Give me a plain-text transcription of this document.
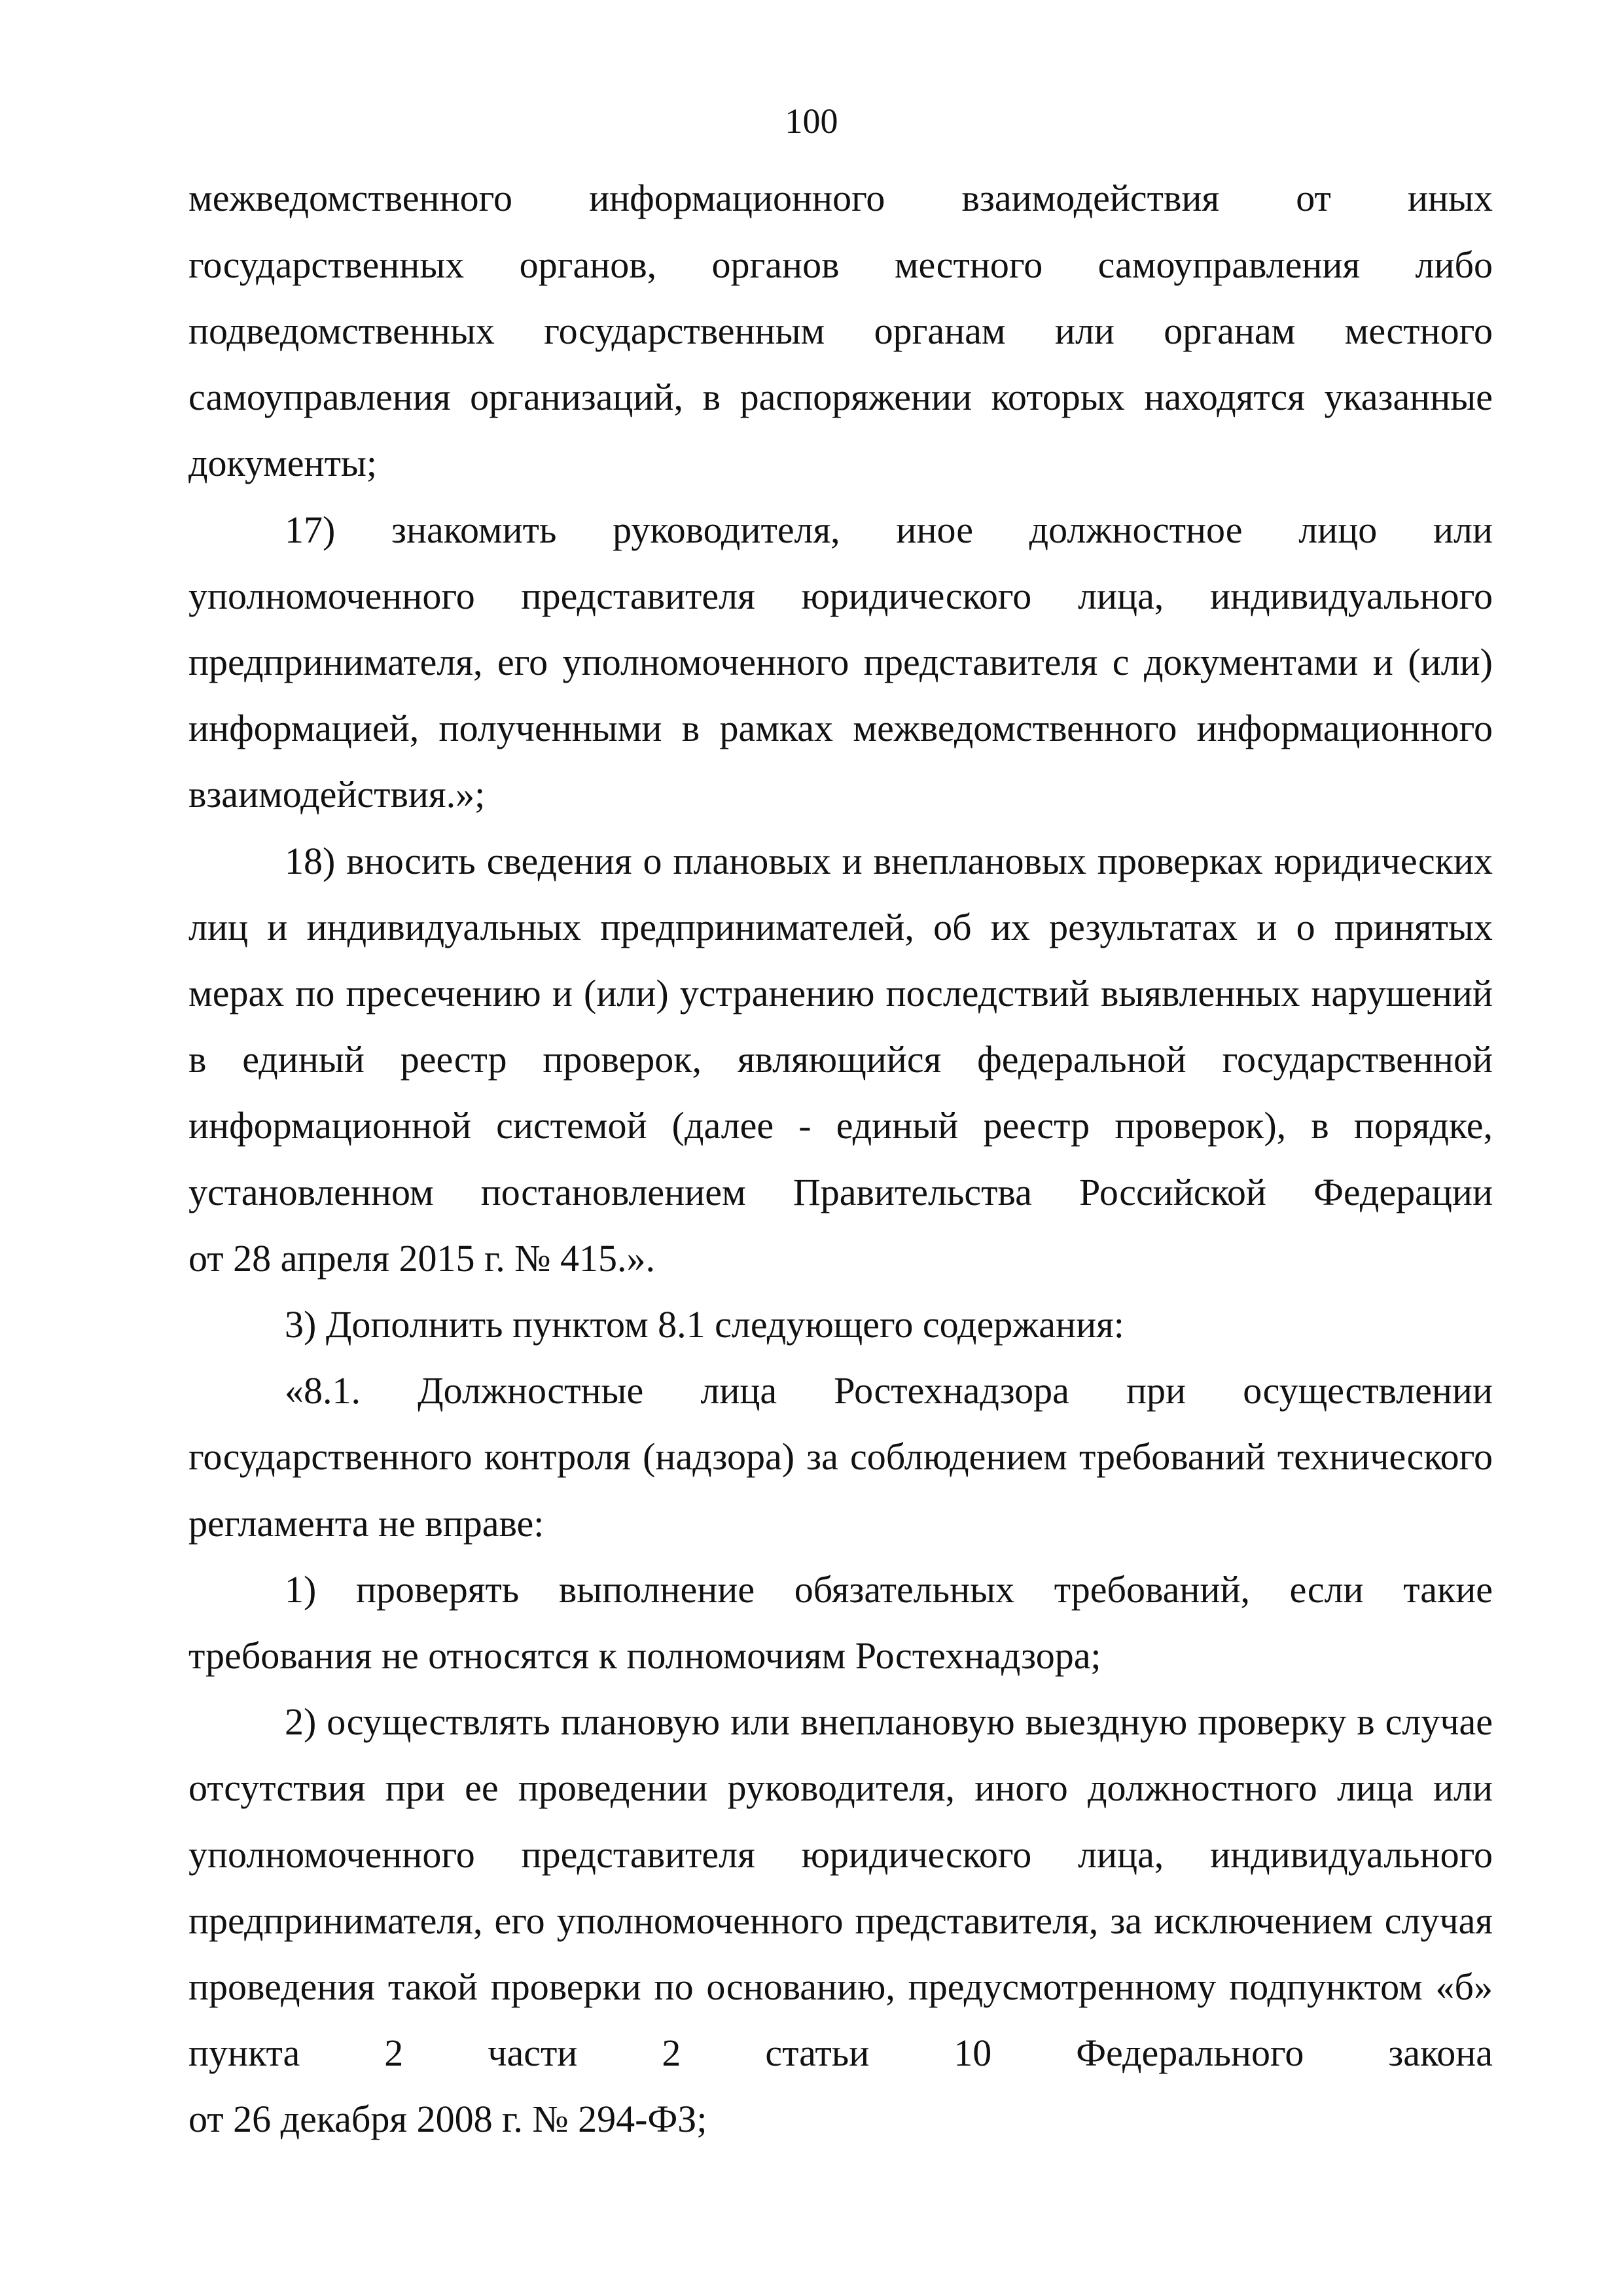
100
межведомственного информационного взаимодействия от иных
государственных органов, органов местного самоуправления либо
подведомственных государственным органам или органам местного
самоуправления организаций, в распоряжении которых находятся указанные
документы;
17) знакомить руководителя, иное должностное лицо или
уполномоченного представителя юридического лица, индивидуального
предпринимателя, его уполномоченного представителя с документами и (или)
информацией, полученными в рамках межведомственного информационного
взаимодействия.»;
18) вносить сведения о плановых и внеплановых проверках юридических
лиц и индивидуальных предпринимателей, об их результатах и о принятых
мерах по пресечению и (или) устранению последствий выявленных нарушений
в единый реестр проверок, являющийся федеральной государственной
информационной системой (далее - единый реестр проверок), в порядке,
установленном постановлением Правительства Российской Федерации
от 28 апреля 2015 г. № 415.».
3) Дополнить пунктом 8.1 следующего содержания:
«8.1. Должностные лица Ростехнадзора при осуществлении
государственного контроля (надзора) за соблюдением требований технического
регламента не вправе:
1) проверять выполнение обязательных требований, если такие
требования не относятся к полномочиям Ростехнадзора;
2) осуществлять плановую или внеплановую выездную проверку в случае
отсутствия при ее проведении руководителя, иного должностного лица или
уполномоченного представителя юридического лица, индивидуального
предпринимателя, его уполномоченного представителя, за исключением случая
проведения такой проверки по основанию, предусмотренному подпунктом «б»
пункта 2 части 2 статьи 10 Федерального закона
от 26 декабря 2008 г. № 294-ФЗ;
